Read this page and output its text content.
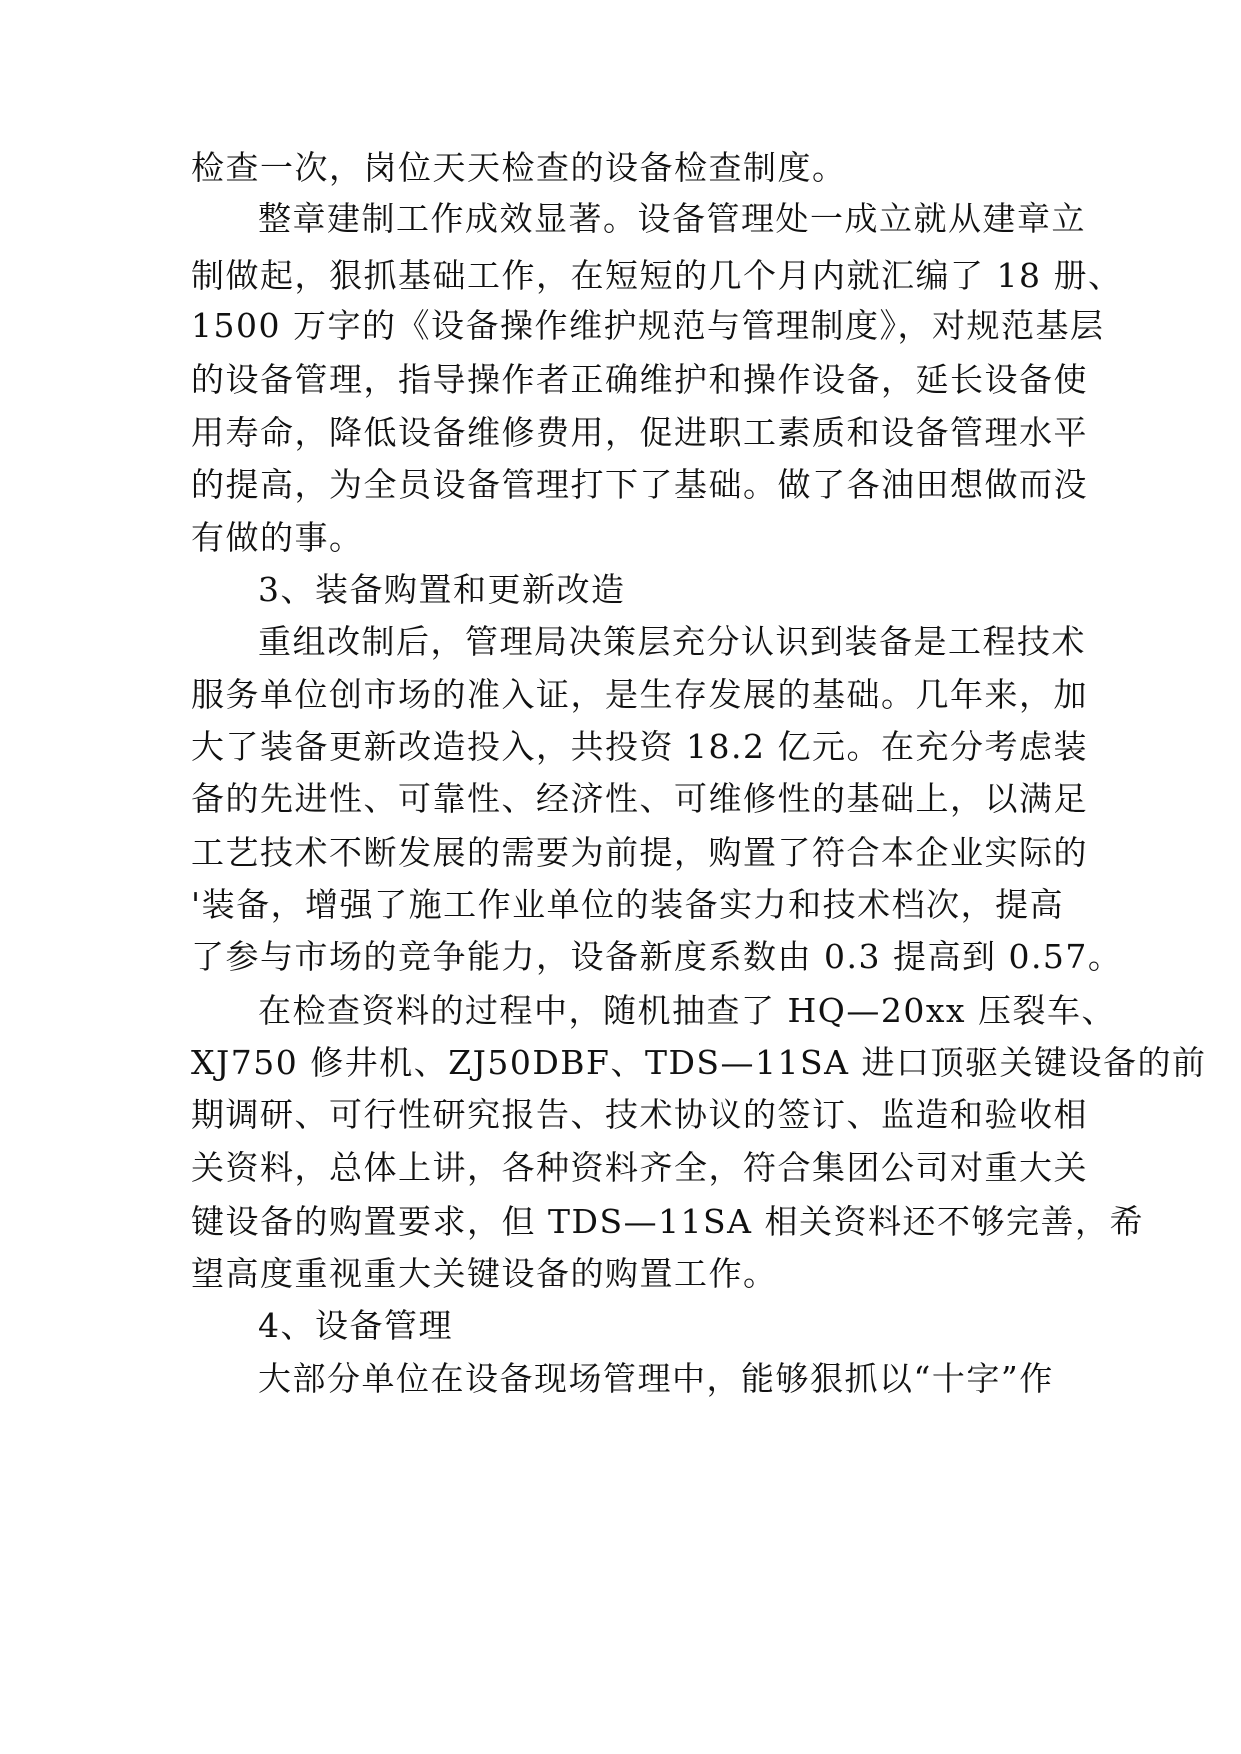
检查一次，岗位天天检查的设备检查制度。

整章建制工作成效显著。设备管理处一成立就从建章立

制做起，狠抓基础工作，在短短的几个月内就汇编了 18 册、

1500 万字的《设备操作维护规范与管理制度》，对规范基层

的设备管理，指导操作者正确维护和操作设备，延长设备使

用寿命，降低设备维修费用，促进职工素质和设备管理水平

的提高，为全员设备管理打下了基础。做了各油田想做而没

有做的事。

3、装备购置和更新改造

重组改制后，管理局决策层充分认识到装备是工程技术

服务单位创市场的准入证，是生存发展的基础。几年来，加

大了装备更新改造投入，共投资 18.2 亿元。在充分考虑装

备的先进性、可靠性、经济性、可维修性的基础上，以满足

工艺技术不断发展的需要为前提，购置了符合本企业实际的

'装备，增强了施工作业单位的装备实力和技术档次，提高

了参与市场的竞争能力，设备新度系数由 0.3 提高到 0.57。

在检查资料的过程中，随机抽查了 HQ—20xx 压裂车、

XJ750 修井机、ZJ50DBF、TDS—11SA 进口顶驱关键设备的前

期调研、可行性研究报告、技术协议的签订、监造和验收相

关资料，总体上讲，各种资料齐全，符合集团公司对重大关

键设备的购置要求，但 TDS—11SA 相关资料还不够完善，希

望高度重视重大关键设备的购置工作。

4、设备管理

大部分单位在设备现场管理中，能够狠抓以“十字”作
